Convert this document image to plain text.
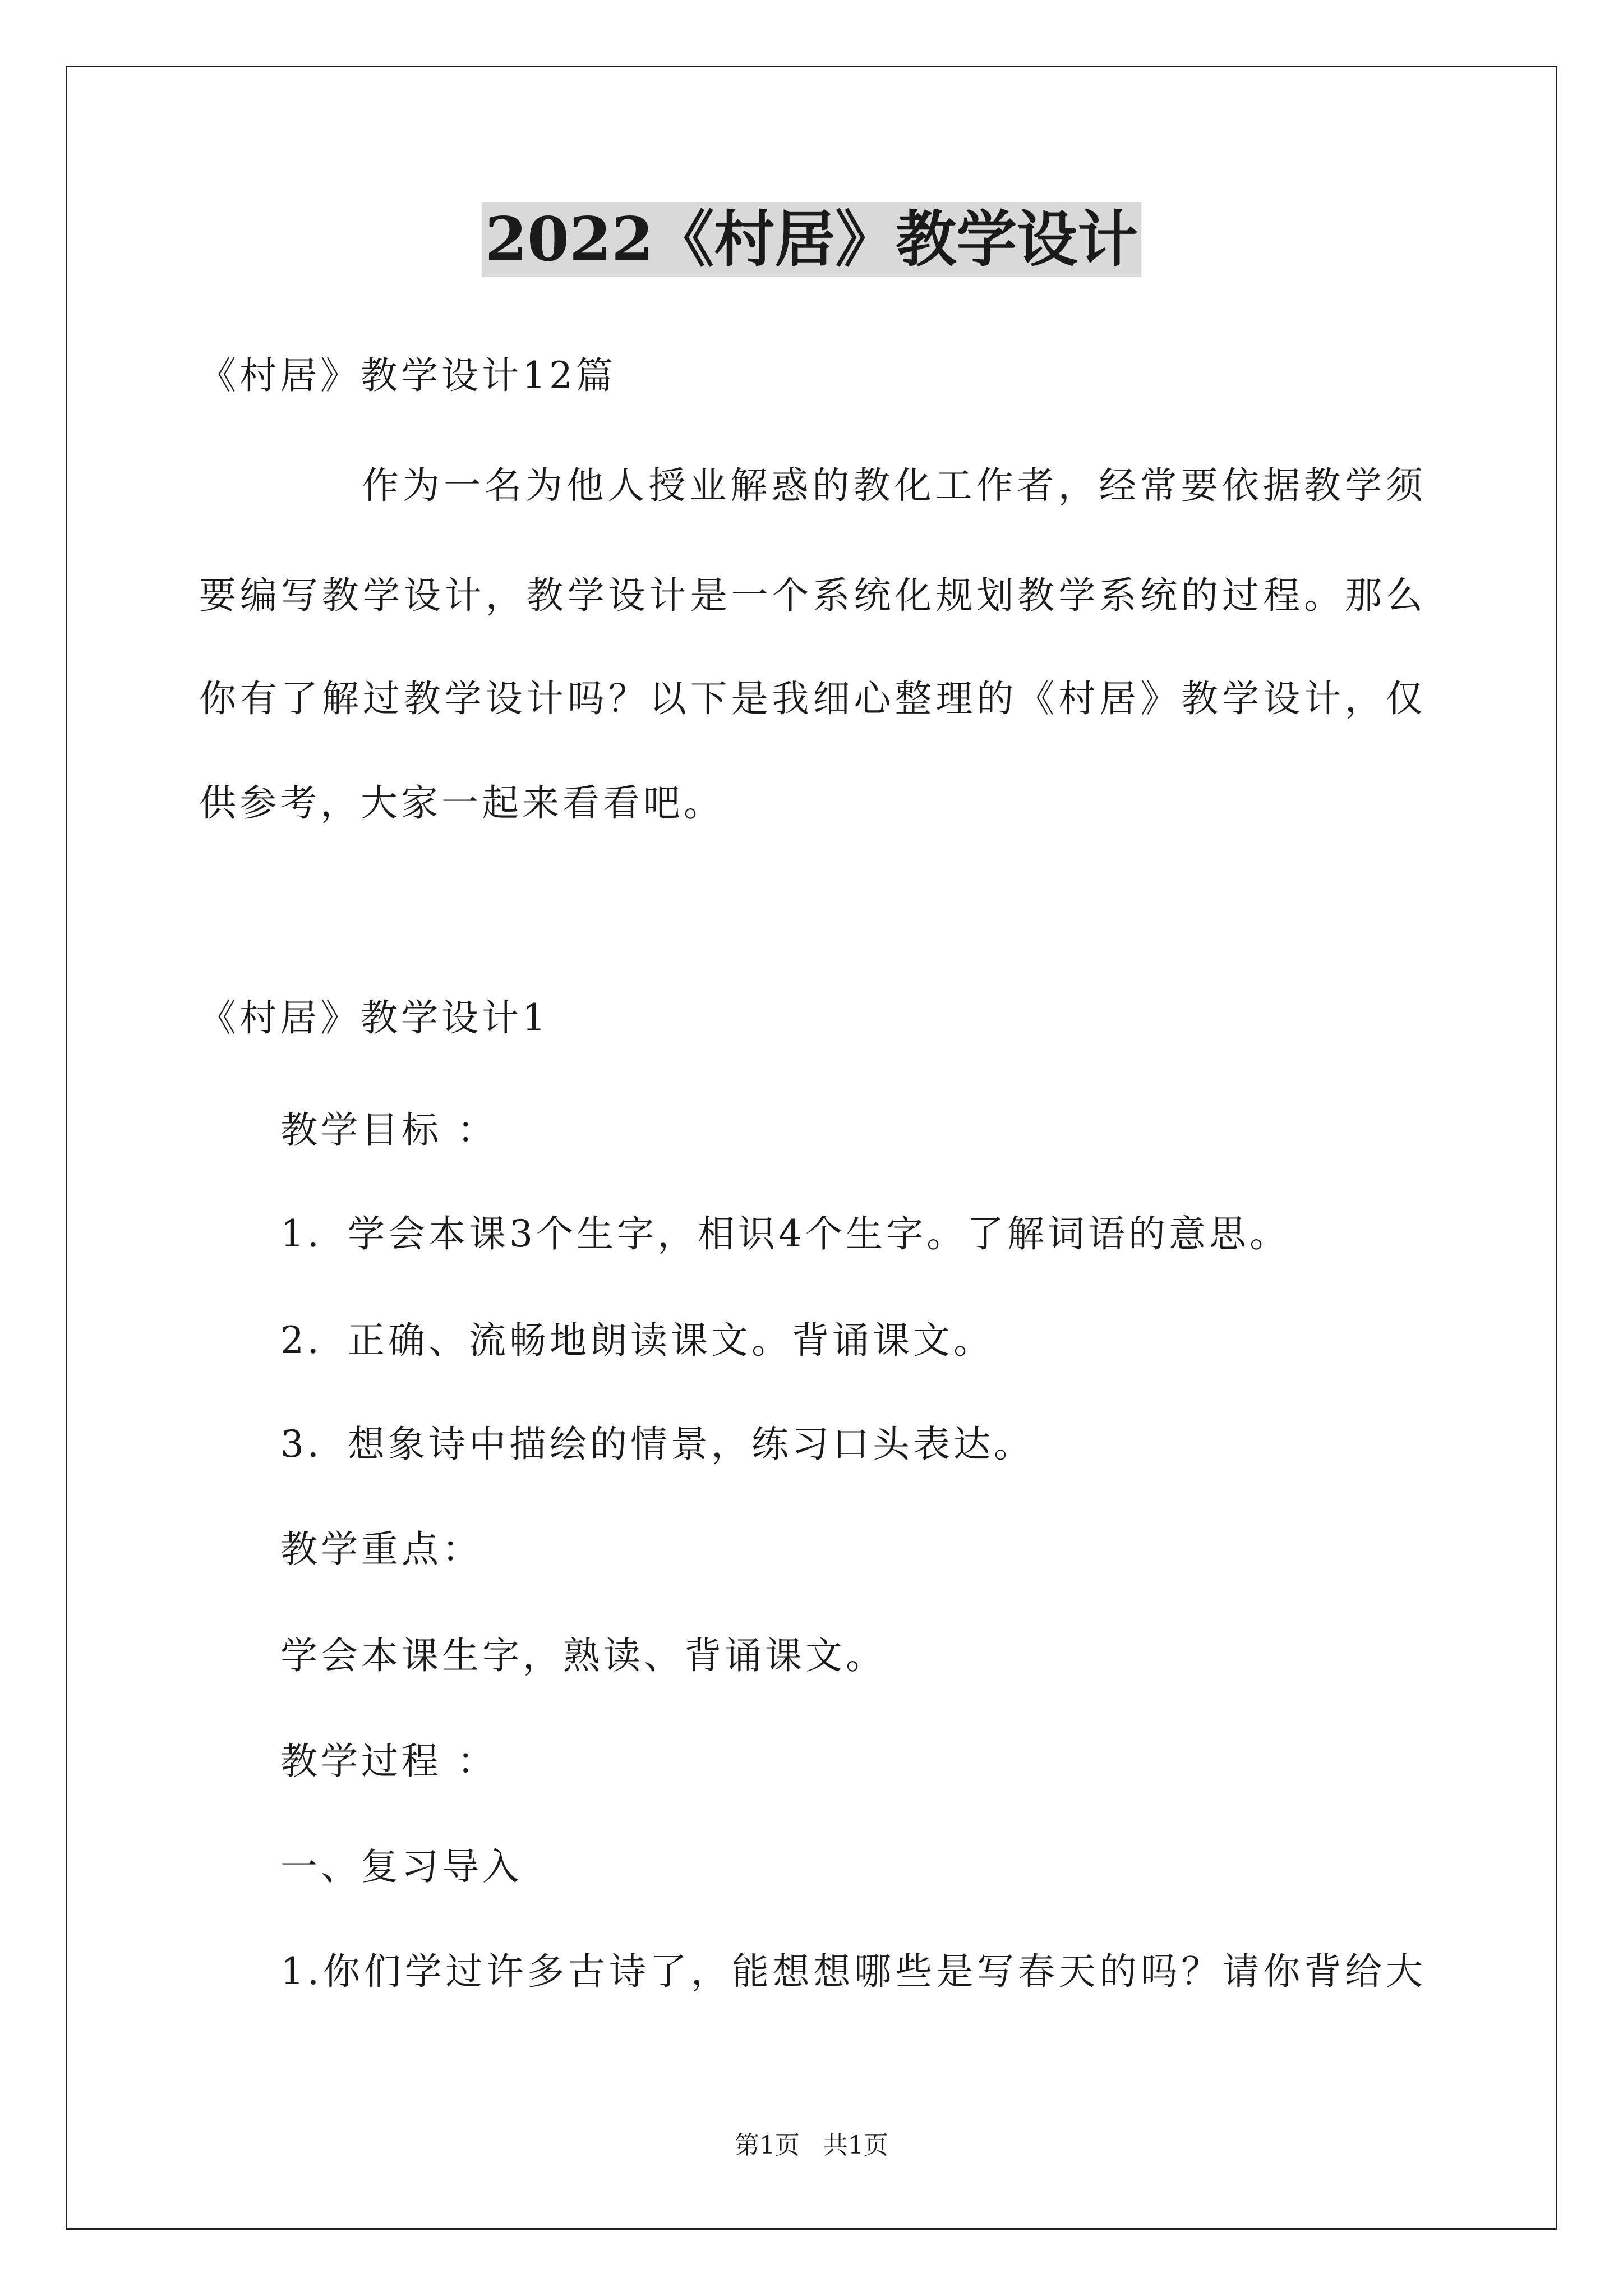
2022《村居》教学设计
《村居》教学设计12篇
作为一名为他人授业解惑的教化工作者，经常要依据教学须
要编写教学设计，教学设计是一个系统化规划教学系统的过程。那么
你有了解过教学设计吗？以下是我细心整理的《村居》教学设计，仅
供参考，大家一起来看看吧。
《村居》教学设计1
教学目标 ：
1．学会本课3个生字，相识4个生字。了解词语的意思。
2．正确、流畅地朗读课文。背诵课文。
3．想象诗中描绘的情景，练习口头表达。
教学重点：
学会本课生字，熟读、背诵课文。
教学过程 ：
一、复习导入
1.你们学过许多古诗了，能想想哪些是写春天的吗？请你背给大
第1页   共1页
